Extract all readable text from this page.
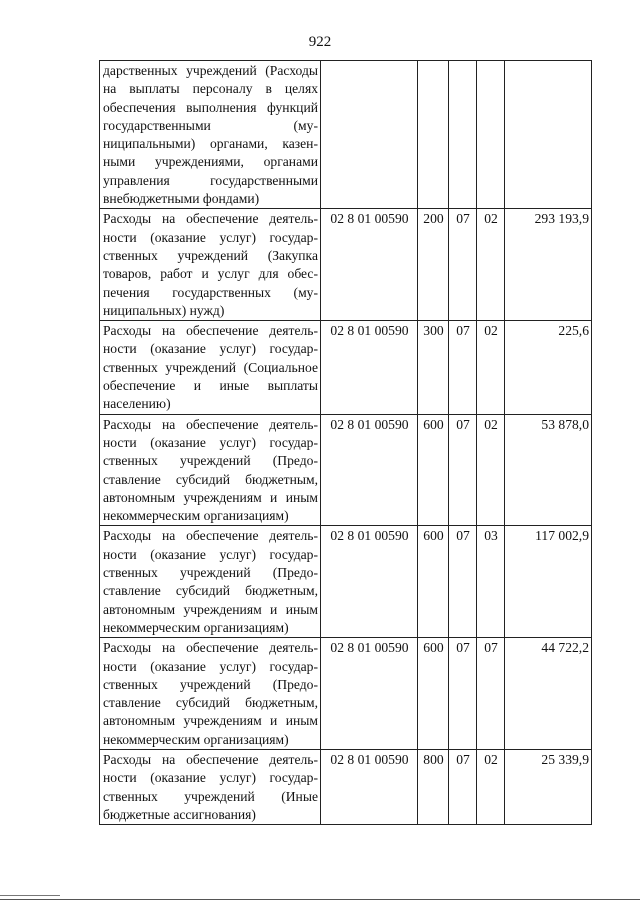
922
дарственных учреждений (Расходы на выплаты персоналу в целях обеспечения выполнения функций государственными (муниципальными) органами, казенными учреждениями, органами управления государственными внебюджетными фондами)					
Расходы на обеспечение деятельности (оказание услуг) государственных учреждений (Закупка товаров, работ и услуг для обеспечения государственных (муниципальных) нужд)	02 8 01 00590	200	07	02	293 193,9
Расходы на обеспечение деятельности (оказание услуг) государственных учреждений (Социальное обеспечение и иные выплаты населению)	02 8 01 00590	300	07	02	225,6
Расходы на обеспечение деятельности (оказание услуг) государственных учреждений (Предоставление субсидий бюджетным, автономным учреждениям и иным некоммерческим организациям)	02 8 01 00590	600	07	02	53 878,0
Расходы на обеспечение деятельности (оказание услуг) государственных учреждений (Предоставление субсидий бюджетным, автономным учреждениям и иным некоммерческим организациям)	02 8 01 00590	600	07	03	117 002,9
Расходы на обеспечение деятельности (оказание услуг) государственных учреждений (Предоставление субсидий бюджетным, автономным учреждениям и иным некоммерческим организациям)	02 8 01 00590	600	07	07	44 722,2
Расходы на обеспечение деятельности (оказание услуг) государственных учреждений (Иные бюджетные ассигнования)	02 8 01 00590	800	07	02	25 339,9
